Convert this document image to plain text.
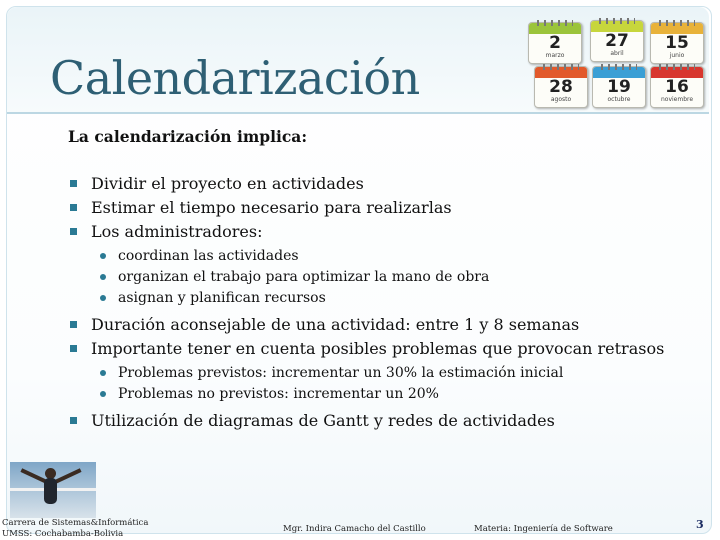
Calendarización
2
marzo
27
abril
15
junio
28
agosto
19
octubre
16
noviembre
La calendarización implica:
Dividir el proyecto en actividades
Estimar el tiempo necesario para realizarlas
Los administradores:
coordinan las actividades
organizan el trabajo para optimizar la mano de obra
asignan y planifican recursos
Duración aconsejable de una actividad: entre 1 y 8 semanas
Importante tener en cuenta posibles problemas que provocan retrasos
Problemas previstos: incrementar un 30% la estimación inicial
Problemas no previstos: incrementar un 20%
Utilización de diagramas de Gantt y redes de actividades
Carrera de Sistemas&Informática
UMSS: Cochabamba-Bolivia	Mgr. Indira Camacho del Castillo	Materia: Ingeniería de Software	3
